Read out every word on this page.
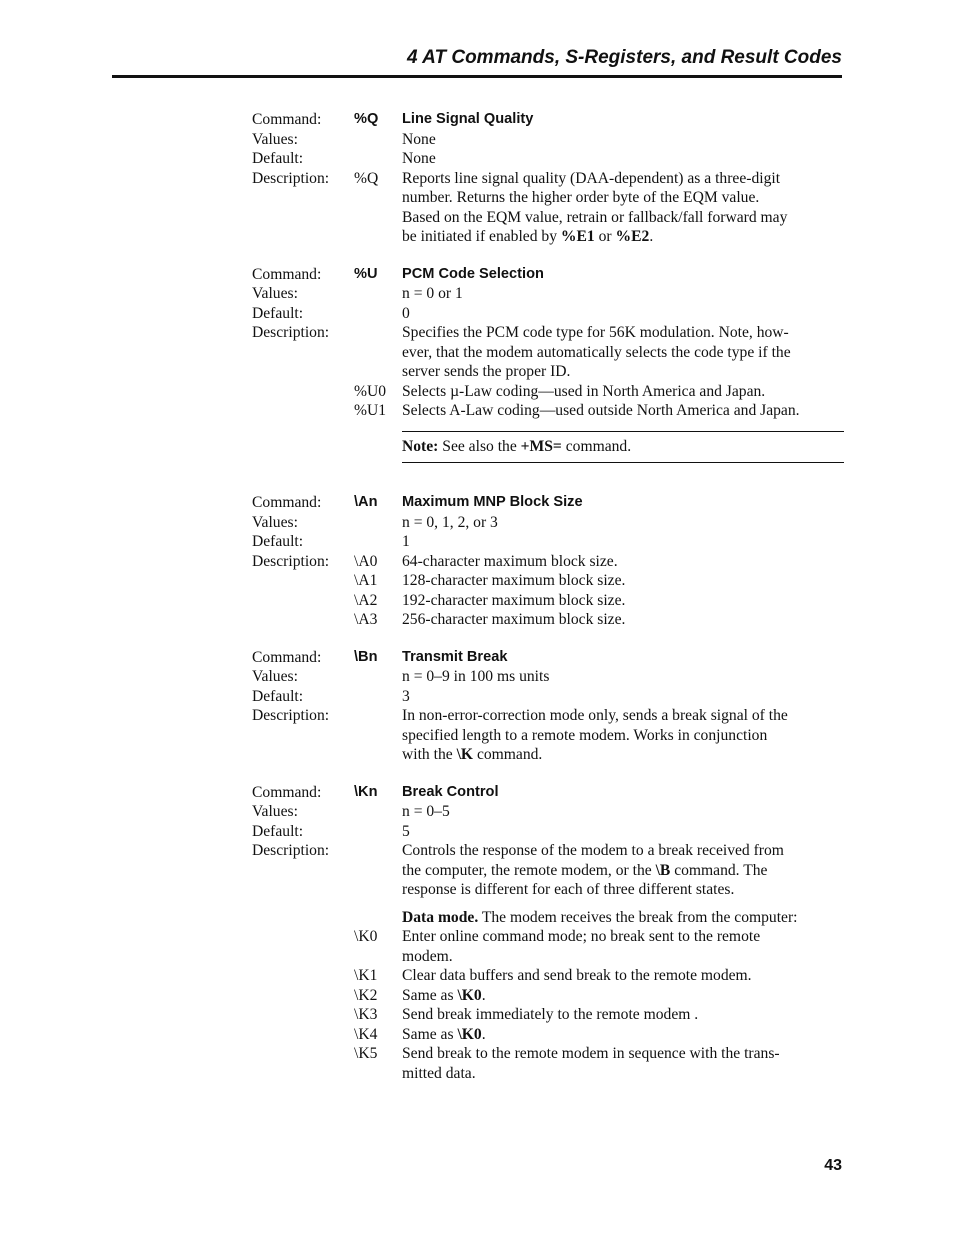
4 AT Commands, S-Registers, and Result Codes
Command:	%Q	Line Signal Quality
Values:	None
Default:	None
Description:	%Q	Reports line signal quality (DAA-dependent) as a three-digit
number. Returns the higher order byte of the EQM value.
Based on the EQM value, retrain or fallback/fall forward may
be initiated if enabled by %E1 or %E2.
Command:	%U	PCM Code Selection
Values:	n = 0 or 1
Default:	0
Description:	Specifies the PCM code type for 56K modulation. Note, how-
ever, that the modem automatically selects the code type if the
server sends the proper ID.
%U0	Selects µ-Law coding—used in North America and Japan.
%U1	Selects A-Law coding—used outside North America and Japan.
Note: See also the +MS= command.
Command:	\An	Maximum MNP Block Size
Values:	n = 0, 1, 2, or 3
Default:	1
Description:	\A0	64-character maximum block size.
\A1	128-character maximum block size.
\A2	192-character maximum block size.
\A3	256-character maximum block size.
Command:	\Bn	Transmit Break
Values:	n = 0–9 in 100 ms units
Default:	3
Description:	In non-error-correction mode only, sends a break signal of the
specified length to a remote modem. Works in conjunction
with the \K command.
Command:	\Kn	Break Control
Values:	n = 0–5
Default:	5
Description:	Controls the response of the modem to a break received from
the computer, the remote modem, or the \B command. The
response is different for each of three different states.
Data mode. The modem receives the break from the computer:
\K0	Enter online command mode; no break sent to the remote
modem.
\K1	Clear data buffers and send break to the remote modem.
\K2	Same as \K0.
\K3	Send break immediately to the remote modem .
\K4	Same as \K0.
\K5	Send break to the remote modem in sequence with the trans-
mitted data.
43
